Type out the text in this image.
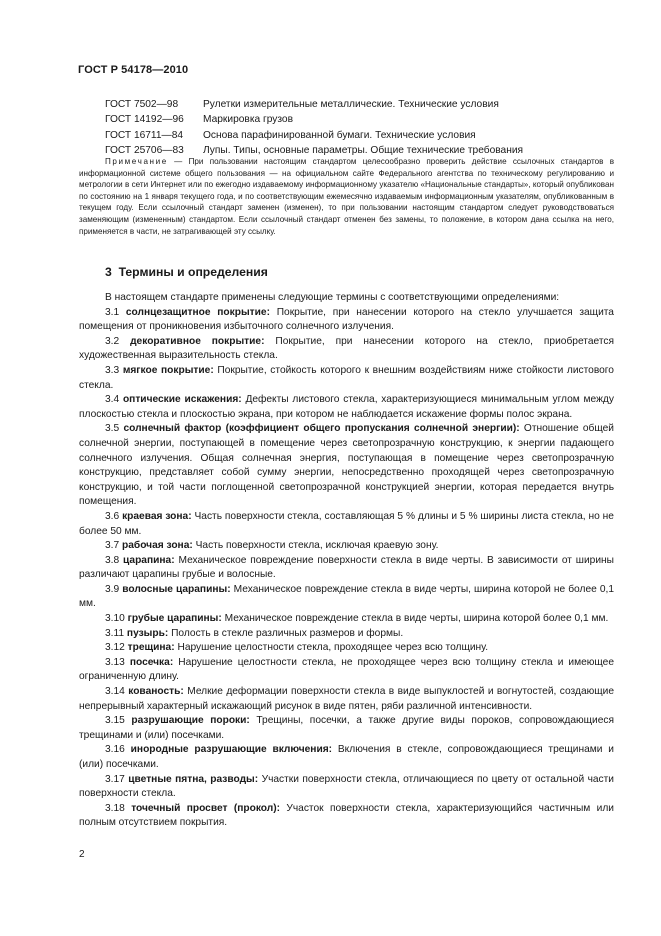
ГОСТ Р 54178—2010
ГОСТ 7502—98 Рулетки измерительные металлические. Технические условия
ГОСТ 14192—96 Маркировка грузов
ГОСТ 16711—84 Основа парафинированной бумаги. Технические условия
ГОСТ 25706—83 Лупы. Типы, основные параметры. Общие технические требования
Примечание — При пользовании настоящим стандартом целесообразно проверить действие ссылочных стандартов в информационной системе общего пользования — на официальном сайте Федерального агентства по техническому регулированию и метрологии в сети Интернет или по ежегодно издаваемому информационному указателю «Национальные стандарты», который опубликован по состоянию на 1 января текущего года, и по соответствующим ежемесячно издаваемым информационным указателям, опубликованным в текущем году. Если ссылочный стандарт заменен (изменен), то при пользовании настоящим стандартом следует руководствоваться заменяющим (измененным) стандартом. Если ссылочный стандарт отменен без замены, то положение, в котором дана ссылка на него, применяется в части, не затрагивающей эту ссылку.
3 Термины и определения

В настоящем стандарте применены следующие термины с соответствующими определениями:

3.1 солнцезащитное покрытие: Покрытие, при нанесении которого на стекло улучшается защита помещения от проникновения избыточного солнечного излучения.

3.2 декоративное покрытие: Покрытие, при нанесении которого на стекло, приобретается художественная выразительность стекла.

3.3 мягкое покрытие: Покрытие, стойкость которого к внешним воздействиям ниже стойкости листового стекла.

3.4 оптические искажения: Дефекты листового стекла, характеризующиеся минимальным углом между плоскостью стекла и плоскостью экрана, при котором не наблюдается искажение формы полос экрана.

3.5 солнечный фактор (коэффициент общего пропускания солнечной энергии): Отношение общей солнечной энергии, поступающей в помещение через светопрозрачную конструкцию, к энергии падающего солнечного излучения. Общая солнечная энергия, поступающая в помещение через светопрозрачную конструкцию, представляет собой сумму энергии, непосредственно проходящей через светопрозрачную конструкцию, и той части поглощенной светопрозрачной конструкцией энергии, которая передается внутрь помещения.

3.6 краевая зона: Часть поверхности стекла, составляющая 5 % длины и 5 % ширины листа стекла, но не более 50 мм.

3.7 рабочая зона: Часть поверхности стекла, исключая краевую зону.

3.8 царапина: Механическое повреждение поверхности стекла в виде черты. В зависимости от ширины различают царапины грубые и волосные.

3.9 волосные царапины: Механическое повреждение стекла в виде черты, ширина которой не более 0,1 мм.

3.10 грубые царапины: Механическое повреждение стекла в виде черты, ширина которой более 0,1 мм.

3.11 пузырь: Полость в стекле различных размеров и формы.

3.12 трещина: Нарушение целостности стекла, проходящее через всю толщину.

3.13 посечка: Нарушение целостности стекла, не проходящее через всю толщину стекла и имеющее ограниченную длину.

3.14 кованость: Мелкие деформации поверхности стекла в виде выпуклостей и вогнутостей, создающие непрерывный характерный искажающий рисунок в виде пятен, ряби различной интенсивности.

3.15 разрушающие пороки: Трещины, посечки, а также другие виды пороков, сопровождающиеся трещинами и (или) посечками.

3.16 инородные разрушающие включения: Включения в стекле, сопровождающиеся трещинами и (или) посечками.

3.17 цветные пятна, разводы: Участки поверхности стекла, отличающиеся по цвету от остальной части поверхности стекла.

3.18 точечный просвет (прокол): Участок поверхности стекла, характеризующийся частичным или полным отсутствием покрытия.

2
